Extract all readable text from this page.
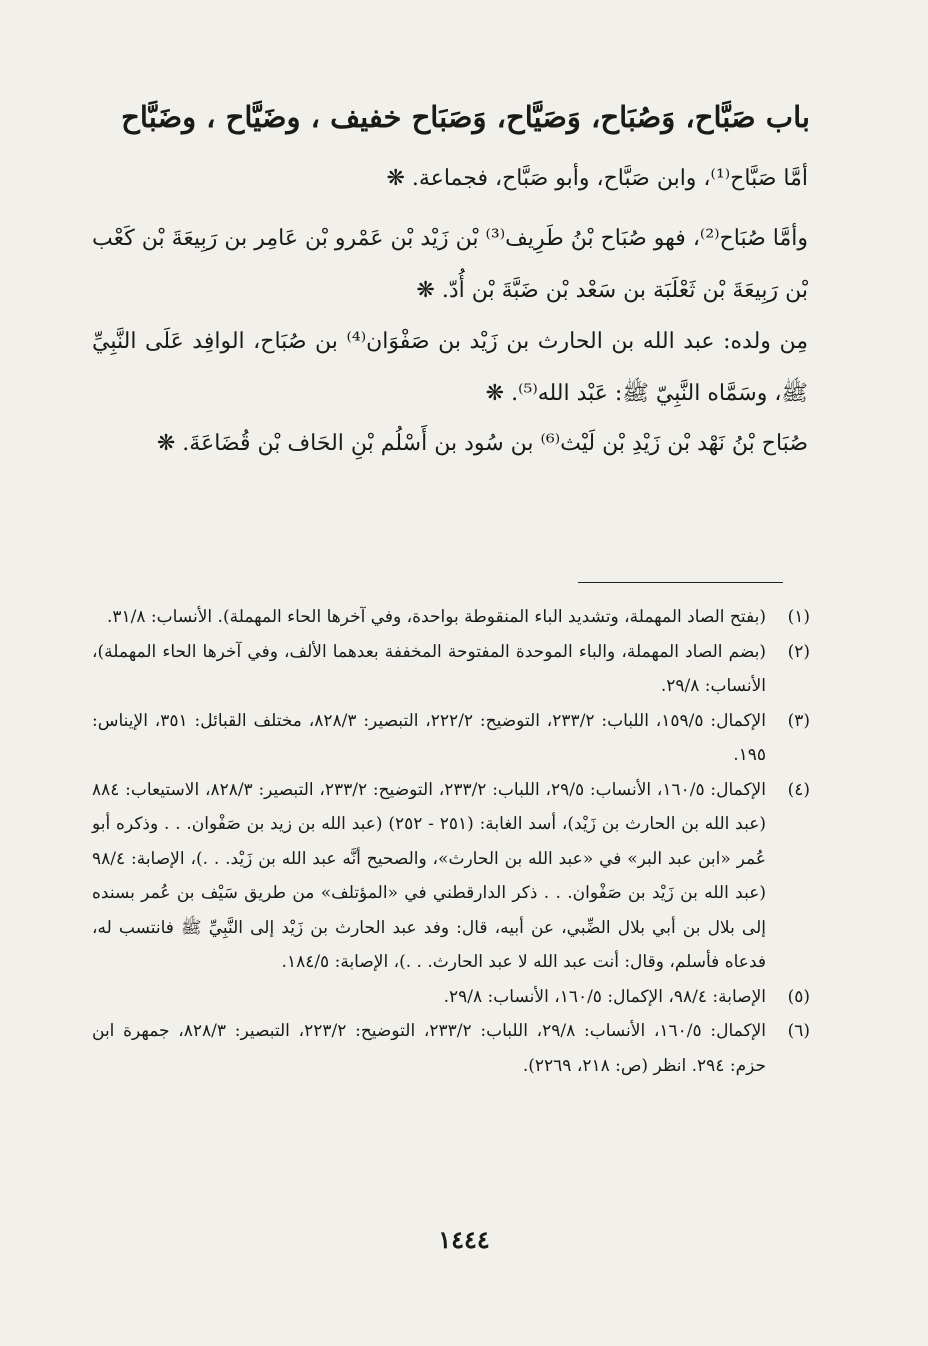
باب صَبَّاح، وَصُبَاح، وَصَيَّاح، وَصَبَاح خفيف ، وضَيَّاح ، وضَبَّاح
أمَّا صَبَّاح⁽¹⁾، وابن صَبَّاح، وأبو صَبَّاح، فجماعة. ❋
وأمَّا صُبَاح⁽²⁾، فهو صُبَاح بْنُ طَرِيف⁽³⁾ بْن زَيْد بْن عَمْرو بْن عَامِر بن رَبِيعَةَ بْن كَعْب بْن رَبِيعَةَ بْن ثَعْلَبَة بن سَعْد بْن ضَبَّةَ بْن أُدّ. ❋
مِن ولده: عبد الله بن الحارث بن زَيْد بن صَفْوَان⁽⁴⁾ بن صُبَاح، الوافِد عَلَى النَّبِيِّ ﷺ، وسَمَّاه النَّبِيّ ﷺ: عَبْد الله⁽⁵⁾. ❋
صُبَاح بْنُ نَهْد بْن زَيْدِ بْن لَيْث⁽⁶⁾ بن سُود بن أَسْلُم بْنِ الحَاف بْن قُضَاعَةَ. ❋
(١)
(بفتح الصاد المهملة، وتشديد الباء المنقوطة بواحدة، وفي آخرها الحاء المهملة). الأنساب: ٣١/٨.
(٢)
(بضم الصاد المهملة، والباء الموحدة المفتوحة المخففة بعدهما الألف، وفي آخرها الحاء المهملة)، الأنساب: ٢٩/٨.
(٣)
الإكمال: ١٥٩/٥، اللباب: ٢٣٣/٢، التوضيح: ٢٢٢/٢، التبصير: ٨٢٨/٣، مختلف القبائل: ٣٥١، الإيناس: ١٩٥.
(٤)
الإكمال: ١٦٠/٥، الأنساب: ٢٩/٥، اللباب: ٢٣٣/٢، التوضيح: ٢٣٣/٢، التبصير: ٨٢٨/٣، الاستيعاب: ٨٨٤ (عبد الله بن الحارث بن زَيْد)، أسد الغابة: (٢٥١ - ٢٥٢) (عبد الله بن زيد بن صَفْوان. . . وذكره أبو عُمر «ابن عبد البر» في «عبد الله بن الحارث»، والصحيح أنَّه عبد الله بن زَيْد. . .)، الإصابة: ٩٨/٤ (عبد الله بن زَيْد بن صَفْوان. . . ذكر الدارقطني في «المؤتلف» من طريق سَيْف بن عُمر بسنده إلى بلال بن أبي بلال الضِّبي، عن أبيه، قال: وفد عبد الحارث بن زَيْد إلى النَّبِيِّ ﷺ فانتسب له، فدعاه فأسلم، وقال: أنت عبد الله لا عبد الحارث. . .)، الإصابة: ١٨٤/٥.
(٥)
الإصابة: ٩٨/٤، الإكمال: ١٦٠/٥، الأنساب: ٢٩/٨.
(٦)
الإكمال: ١٦٠/٥، الأنساب: ٢٩/٨، اللباب: ٢٣٣/٢، التوضيح: ٢٢٣/٢، التبصير: ٨٢٨/٣، جمهرة ابن حزم: ٢٩٤. انظر (ص: ٢١٨، ٢٢٦٩).
١٤٤٤
